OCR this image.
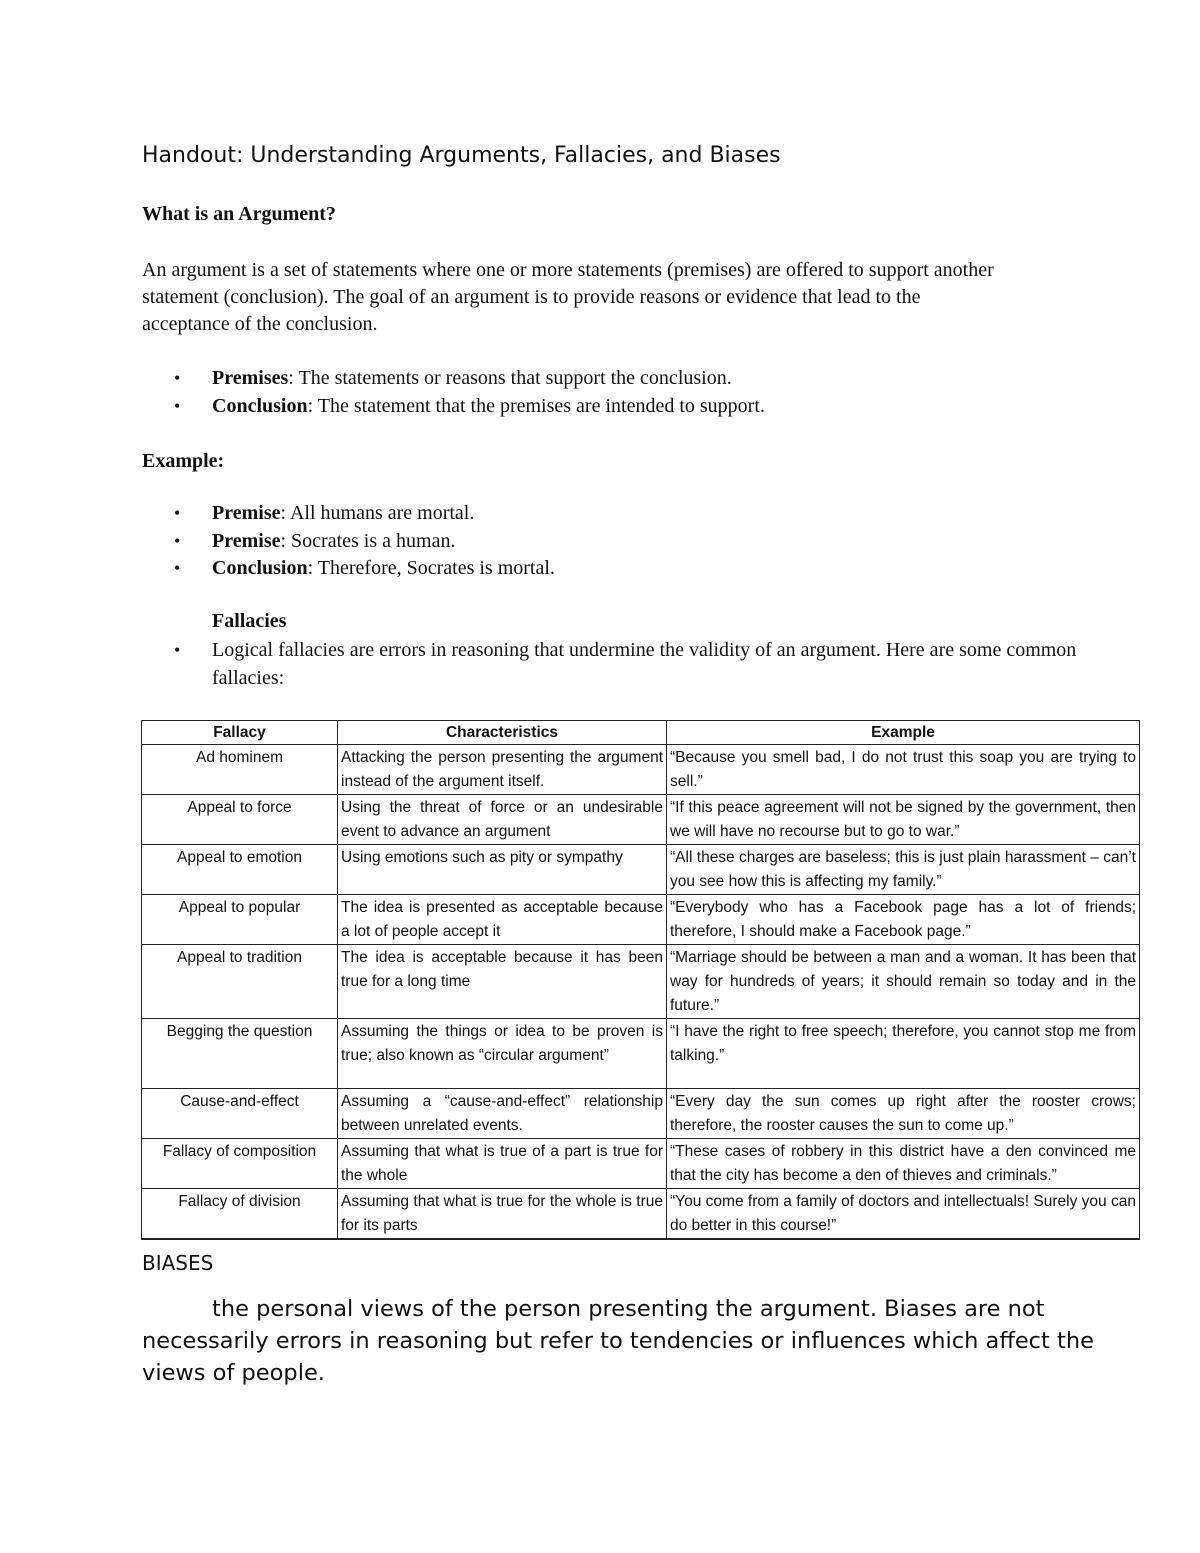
Handout: Understanding Arguments, Fallacies, and Biases

What is an Argument?

An argument is a set of statements where one or more statements (premises) are offered to support another statement (conclusion). The goal of an argument is to provide reasons or evidence that lead to the acceptance of the conclusion.

• Premises: The statements or reasons that support the conclusion.
• Conclusion: The statement that the premises are intended to support.

Example:

• Premise: All humans are mortal.
• Premise: Socrates is a human.
• Conclusion: Therefore, Socrates is mortal.

Fallacies

• Logical fallacies are errors in reasoning that undermine the validity of an argument. Here are some common fallacies:
Fallacy	Characteristics	Example
Ad hominem	Attacking the person presenting the argument instead of the argument itself.	“Because you smell bad, I do not trust this soap you are trying to sell.”
Appeal to force	Using the threat of force or an undesirable event to advance an argument	“If this peace agreement will not be signed by the government, then we will have no recourse but to go to war.”
Appeal to emotion	Using emotions such as pity or sympathy	“All these charges are baseless; this is just plain harassment – can’t you see how this is affecting my family.”
Appeal to popular	The idea is presented as acceptable because a lot of people accept it	“Everybody who has a Facebook page has a lot of friends; therefore, I should make a Facebook page.”
Appeal to tradition	The idea is acceptable because it has been true for a long time	“Marriage should be between a man and a woman. It has been that way for hundreds of years; it should remain so today and in the future.”
Begging the question	Assuming the things or idea to be proven is true; also known as “circular argument”	“I have the right to free speech; therefore, you cannot stop me from talking.”
Cause-and-effect	Assuming a “cause-and-effect” relationship between unrelated events.	“Every day the sun comes up right after the rooster crows; therefore, the rooster causes the sun to come up.”
Fallacy of composition	Assuming that what is true of a part is true for the whole	“These cases of robbery in this district have a den convinced me that the city has become a den of thieves and criminals.”
Fallacy of division	Assuming that what is true for the whole is true for its parts	“You come from a family of doctors and intellectuals! Surely you can do better in this course!”

BIASES

the personal views of the person presenting the argument. Biases are not necessarily errors in reasoning but refer to tendencies or influences which affect the views of people.
